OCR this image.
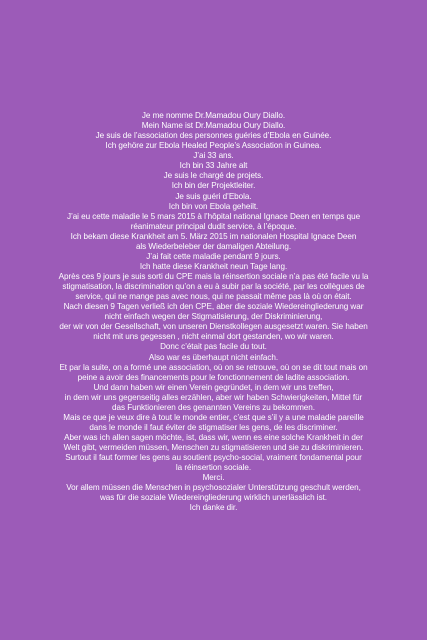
Je me nomme Dr.Mamadou Oury Diallo.
Mein Name ist Dr.Mamadou Oury Diallo.
Je suis de l’association des personnes guéries d’Ebola en Guinée.
Ich gehöre zur Ebola Healed People’s Association in Guinea.
J’ai 33 ans.
Ich bin 33 Jahre alt
Je suis le chargé de projets.
Ich bin der Projektleiter.
Je suis guéri d’Ebola.
Ich bin von Ebola geheilt.
J’ai eu cette maladie le 5 mars 2015 à l’hôpital national Ignace Deen en temps que
réanimateur principal dudit service, à l’époque.
Ich bekam diese Krankheit am 5. März 2015 im nationalen Hospital Ignace Deen
als Wiederbeleber der damaligen Abteilung.
J’ai fait cette maladie pendant 9 jours.
Ich hatte diese Krankheit neun Tage lang.
Après ces 9 jours je suis sorti du CPE mais la réinsertion sociale n’a pas été facile vu la
stigmatisation, la discrimination qu’on a eu à subir par la société, par les collègues de
service, qui ne mange pas avec nous, qui ne passait même pas là où on était.
Nach diesen 9 Tagen verließ ich den CPE, aber die soziale Wiedereingliederung war
nicht einfach wegen der Stigmatisierung, der Diskriminierung,
der wir von der Gesellschaft, von unseren Dienstkollegen ausgesetzt waren. Sie haben
nicht mit uns gegessen , nicht einmal dort gestanden, wo wir waren.
Donc c’était pas facile du tout.
Also war es überhaupt nicht einfach.
Et par la suite, on a formé une association, où on se retrouve, où on se dit tout mais on
peine a avoir des financements pour le fonctionnement de ladite association.
Und dann haben wir einen Verein gegründet, in dem wir uns treffen,
in dem wir uns gegenseitig alles erzählen, aber wir haben Schwierigkeiten, Mittel für
das Funktionieren des genannten Vereins zu bekommen.
Mais ce que je veux dire à tout le monde entier, c’est que s’il y a une maladie pareille
dans le monde il faut éviter de stigmatiser les gens, de les discriminer.
Aber was ich allen sagen möchte, ist, dass wir, wenn es eine solche Krankheit in der
Welt gibt, vermeiden müssen, Menschen zu stigmatisieren und sie zu diskriminieren.
Surtout il faut former les gens au soutient psycho-social, vraiment fondamental pour
la réinsertion sociale.
Merci.
Vor allem müssen die Menschen in psychosozialer Unterstützung geschult werden,
was für die soziale Wiedereingliederung wirklich unerlässlich ist.
Ich danke dir.
